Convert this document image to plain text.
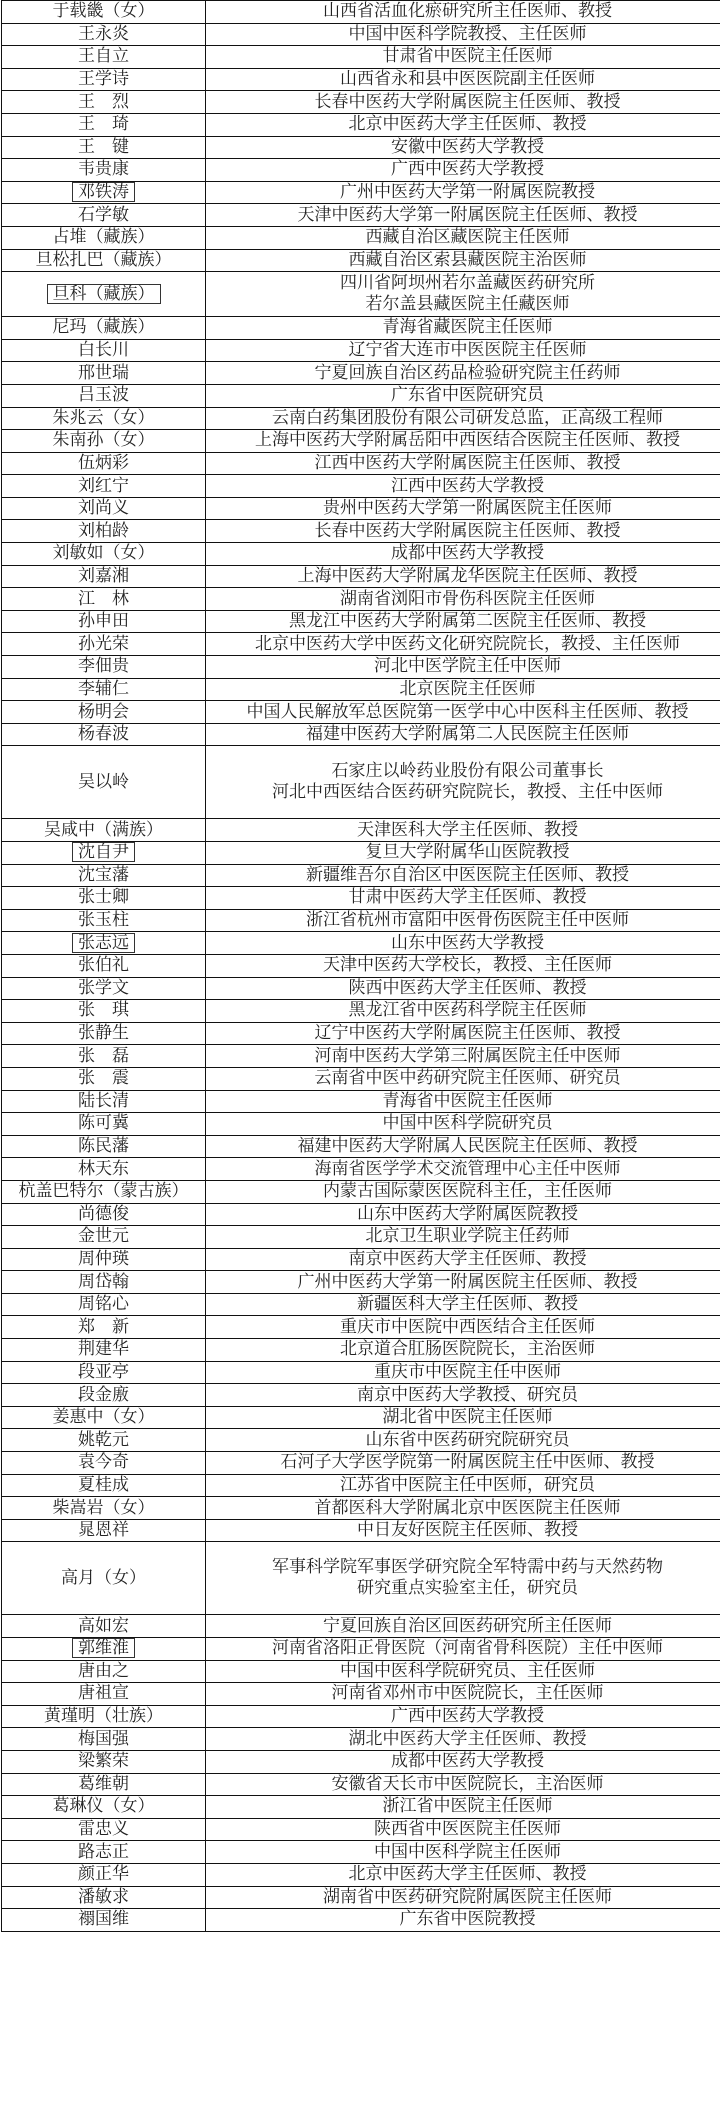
于载畿（女）	山西省活血化瘀研究所主任医师、教授

王永炎	中国中医科学院教授、主任医师

王自立	甘肃省中医院主任医师

王学诗	山西省永和县中医医院副主任医师

王　烈	长春中医药大学附属医院主任医师、教授

王　琦	北京中医药大学主任医师、教授

王　键	安徽中医药大学教授

韦贵康	广西中医药大学教授

邓铁涛	广州中医药大学第一附属医院教授

石学敏	天津中医药大学第一附属医院主任医师、教授

占堆（藏族）	西藏自治区藏医院主任医师

旦松扎巴（藏族）	西藏自治区索县藏医院主治医师

旦科（藏族）	四川省阿坝州若尔盖藏医药研究所
若尔盖县藏医院主任藏医师

尼玛（藏族）	青海省藏医院主任医师

白长川	辽宁省大连市中医医院主任医师

邢世瑞	宁夏回族自治区药品检验研究院主任药师

吕玉波	广东省中医院研究员

朱兆云（女）	云南白药集团股份有限公司研发总监，正高级工程师

朱南孙（女）	上海中医药大学附属岳阳中西医结合医院主任医师、教授

伍炳彩	江西中医药大学附属医院主任医师、教授

刘红宁	江西中医药大学教授

刘尚义	贵州中医药大学第一附属医院主任医师

刘柏龄	长春中医药大学附属医院主任医师、教授

刘敏如（女）	成都中医药大学教授

刘嘉湘	上海中医药大学附属龙华医院主任医师、教授

江　林	湖南省浏阳市骨伤科医院主任医师

孙申田	黑龙江中医药大学附属第二医院主任医师、教授

孙光荣	北京中医药大学中医药文化研究院院长，教授、主任医师

李佃贵	河北中医学院主任中医师

李辅仁	北京医院主任医师

杨明会	中国人民解放军总医院第一医学中心中医科主任医师、教授

杨春波	福建中医药大学附属第二人民医院主任医师

吴以岭	石家庄以岭药业股份有限公司董事长
河北中西医结合医药研究院院长，教授、主任中医师

吴咸中（满族）	天津医科大学主任医师、教授

沈自尹	复旦大学附属华山医院教授

沈宝藩	新疆维吾尔自治区中医医院主任医师、教授

张士卿	甘肃中医药大学主任医师、教授

张玉柱	浙江省杭州市富阳中医骨伤医院主任中医师

张志远	山东中医药大学教授

张伯礼	天津中医药大学校长，教授、主任医师

张学文	陕西中医药大学主任医师、教授

张　琪	黑龙江省中医药科学院主任医师

张静生	辽宁中医药大学附属医院主任医师、教授

张　磊	河南中医药大学第三附属医院主任中医师

张　震	云南省中医中药研究院主任医师、研究员

陆长清	青海省中医院主任医师

陈可冀	中国中医科学院研究员

陈民藩	福建中医药大学附属人民医院主任医师、教授

林天东	海南省医学学术交流管理中心主任中医师

杭盖巴特尔（蒙古族）	内蒙古国际蒙医医院科主任，主任医师

尚德俊	山东中医药大学附属医院教授

金世元	北京卫生职业学院主任药师

周仲瑛	南京中医药大学主任医师、教授

周岱翰	广州中医药大学第一附属医院主任医师、教授

周铭心	新疆医科大学主任医师、教授

郑　新	重庆市中医院中西医结合主任医师

荆建华	北京道合肛肠医院院长，主治医师

段亚亭	重庆市中医院主任中医师

段金廒	南京中医药大学教授、研究员

姜惠中（女）	湖北省中医院主任医师

姚乾元	山东省中医药研究院研究员

袁今奇	石河子大学医学院第一附属医院主任中医师、教授

夏桂成	江苏省中医院主任中医师，研究员

柴嵩岩（女）	首都医科大学附属北京中医医院主任医师

晁恩祥	中日友好医院主任医师、教授

高月（女）	军事科学院军事医学研究院全军特需中药与天然药物
研究重点实验室主任，研究员

高如宏	宁夏回族自治区回医药研究所主任医师

郭维淮	河南省洛阳正骨医院（河南省骨科医院）主任中医师

唐由之	中国中医科学院研究员、主任医师

唐祖宣	河南省邓州市中医院院长，主任医师

黄瑾明（壮族）	广西中医药大学教授

梅国强	湖北中医药大学主任医师、教授

梁繁荣	成都中医药大学教授

葛维朝	安徽省天长市中医院院长，主治医师

葛琳仪（女）	浙江省中医院主任医师

雷忠义	陕西省中医医院主任医师

路志正	中国中医科学院主任医师

颜正华	北京中医药大学主任医师、教授

潘敏求	湖南省中医药研究院附属医院主任医师

禤国维	广东省中医院教授
